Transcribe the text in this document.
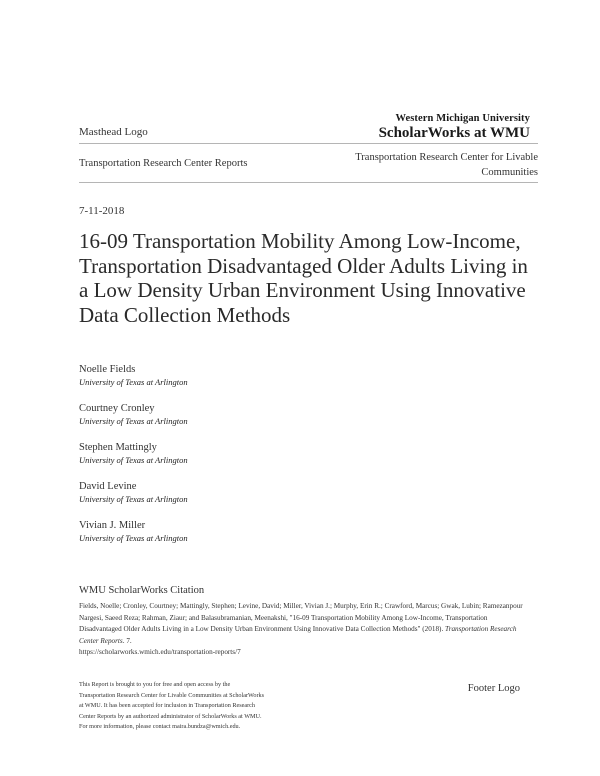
Masthead Logo
Western Michigan University
ScholarWorks at WMU
Transportation Research Center Reports
Transportation Research Center for Livable Communities
7-11-2018
16-09 Transportation Mobility Among Low-Income, Transportation Disadvantaged Older Adults Living in a Low Density Urban Environment Using Innovative Data Collection Methods
Noelle Fields
University of Texas at Arlington
Courtney Cronley
University of Texas at Arlington
Stephen Mattingly
University of Texas at Arlington
David Levine
University of Texas at Arlington
Vivian J. Miller
University of Texas at Arlington
WMU ScholarWorks Citation
Fields, Noelle; Cronley, Courtney; Mattingly, Stephen; Levine, David; Miller, Vivian J.; Murphy, Erin R.; Crawford, Marcus; Gwak, Lubin; Ramezanpour Nargesi, Saeed Reza; Rahman, Ziaur; and Balasubramanian, Meenakshi, "16-09 Transportation Mobility Among Low-Income, Transportation Disadvantaged Older Adults Living in a Low Density Urban Environment Using Innovative Data Collection Methods" (2018). Transportation Research Center Reports. 7.
https://scholarworks.wmich.edu/transportation-reports/7
This Report is brought to you for free and open access by the
Transportation Research Center for Livable Communities at ScholarWorks
at WMU. It has been accepted for inclusion in Transportation Research
Center Reports by an authorized administrator of ScholarWorks at WMU.
For more information, please contact maira.bundza@wmich.edu.
Footer Logo
